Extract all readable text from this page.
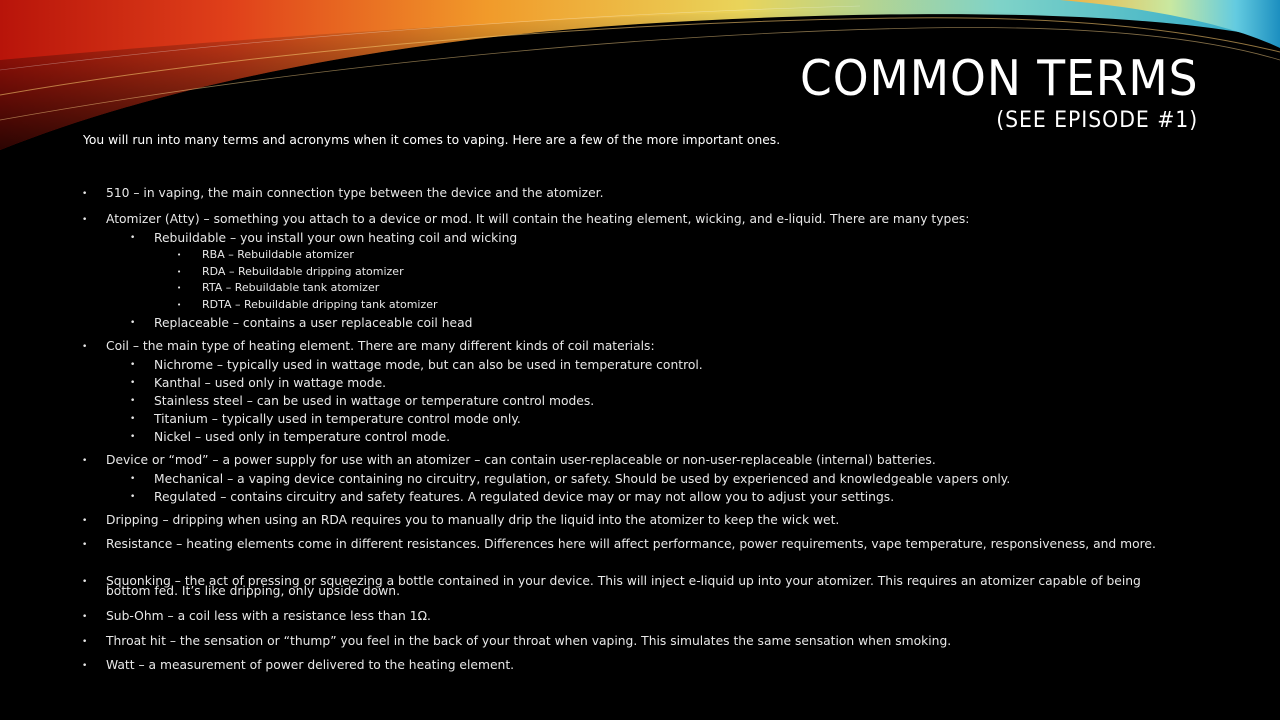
COMMON TERMS
(SEE EPISODE #1)
You will run into many terms and acronyms when it comes to vaping. Here are a few of the more important ones.
• 510 – in vaping, the main connection type between the device and the atomizer.
• Atomizer (Atty) – something you attach to a device or mod. It will contain the heating element, wicking, and e-liquid. There are many types:
• Rebuildable – you install your own heating coil and wicking
• RBA – Rebuildable atomizer
• RDA – Rebuildable dripping atomizer
• RTA – Rebuildable tank atomizer
• RDTA – Rebuildable dripping tank atomizer
• Replaceable – contains a user replaceable coil head
• Coil – the main type of heating element. There are many different kinds of coil materials:
• Nichrome – typically used in wattage mode, but can also be used in temperature control.
• Kanthal – used only in wattage mode.
• Stainless steel – can be used in wattage or temperature control modes.
• Titanium – typically used in temperature control mode only.
• Nickel – used only in temperature control mode.
• Device or “mod” – a power supply for use with an atomizer – can contain user-replaceable or non-user-replaceable (internal) batteries.
• Mechanical – a vaping device containing no circuitry, regulation, or safety. Should be used by experienced and knowledgeable vapers only.
• Regulated – contains circuitry and safety features. A regulated device may or may not allow you to adjust your settings.
• Dripping – dripping when using an RDA requires you to manually drip the liquid into the atomizer to keep the wick wet.
• Resistance – heating elements come in different resistances. Differences here will affect performance, power requirements, vape temperature, responsiveness, and more.
• Squonking – the act of pressing or squeezing a bottle contained in your device. This will inject e-liquid up into your atomizer. This requires an atomizer capable of being bottom fed. It’s like dripping, only upside down.
• Sub-Ohm – a coil less with a resistance less than 1Ω.
• Throat hit – the sensation or “thump” you feel in the back of your throat when vaping. This simulates the same sensation when smoking.
• Watt – a measurement of power delivered to the heating element.
